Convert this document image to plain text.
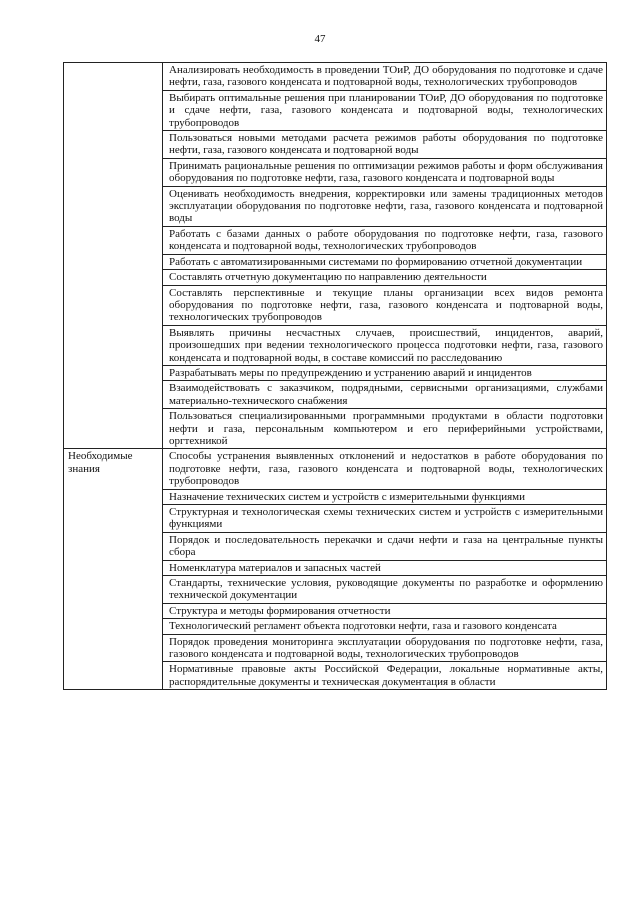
47
	Анализировать необходимость в проведении ТОиР, ДО оборудования по подготовке и сдаче нефти, газа, газового конденсата и подтоварной воды, технологических трубопроводов
	Выбирать оптимальные решения при планировании ТОиР, ДО оборудования по подготовке и сдаче нефти, газа, газового конденсата и подтоварной воды, технологических трубопроводов
	Пользоваться новыми методами расчета режимов работы оборудования по подготовке нефти, газа, газового конденсата и подтоварной воды
	Принимать рациональные решения по оптимизации режимов работы и форм обслуживания оборудования по подготовке нефти, газа, газового конденсата и подтоварной воды
	Оценивать необходимость внедрения, корректировки или замены традиционных методов эксплуатации оборудования по подготовке нефти, газа, газового конденсата и подтоварной воды
	Работать с базами данных о работе оборудования по подготовке нефти, газа, газового конденсата и подтоварной воды, технологических трубопроводов
	Работать с автоматизированными системами по формированию отчетной документации
	Составлять отчетную документацию по направлению деятельности
	Составлять перспективные и текущие планы организации всех видов ремонта оборудования по подготовке нефти, газа, газового конденсата и подтоварной воды, технологических трубопроводов
	Выявлять причины несчастных случаев, происшествий, инцидентов, аварий, произошедших при ведении технологического процесса подготовки нефти, газа, газового конденсата и подтоварной воды, в составе комиссий по расследованию
	Разрабатывать меры по предупреждению и устранению аварий и инцидентов
	Взаимодействовать с заказчиком, подрядными, сервисными организациями, службами материально-технического снабжения
	Пользоваться специализированными программными продуктами в области подготовки нефти и газа, персональным компьютером и его периферийными устройствами, оргтехникой
Необходимые знания	Способы устранения выявленных отклонений и недостатков в работе оборудования по подготовке нефти, газа, газового конденсата и подтоварной воды, технологических трубопроводов
	Назначение технических систем и устройств с измерительными функциями
	Структурная и технологическая схемы технических систем и устройств с измерительными функциями
	Порядок и последовательность перекачки и сдачи нефти и газа на центральные пункты сбора
	Номенклатура материалов и запасных частей
	Стандарты, технические условия, руководящие документы по разработке и оформлению технической документации
	Структура и методы формирования отчетности
	Технологический регламент объекта подготовки нефти, газа и газового конденсата
	Порядок проведения мониторинга эксплуатации оборудования по подготовке нефти, газа, газового конденсата и подтоварной воды, технологических трубопроводов
	Нормативные правовые акты Российской Федерации, локальные нормативные акты, распорядительные документы и техническая документация в области
